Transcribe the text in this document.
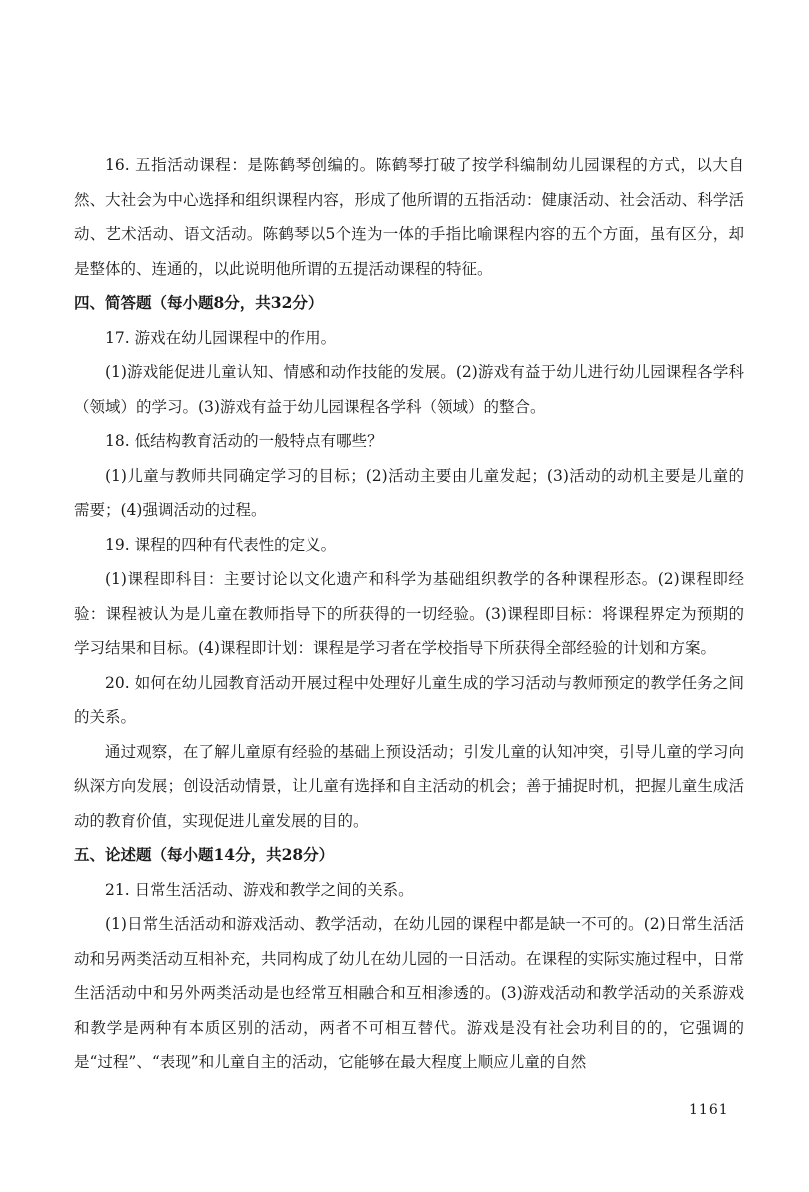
16. 五指活动课程：是陈鹤琴创编的。陈鹤琴打破了按学科编制幼儿园课程的方式，以大自然、大社会为中心选择和组织课程内容，形成了他所谓的五指活动：健康活动、社会活动、科学活动、艺术活动、语文活动。陈鹤琴以5个连为一体的手指比喻课程内容的五个方面，虽有区分，却是整体的、连通的，以此说明他所谓的五提活动课程的特征。

四、简答题（每小题8分，共32分）

17. 游戏在幼儿园课程中的作用。

(1)游戏能促进儿童认知、情感和动作技能的发展。(2)游戏有益于幼儿进行幼儿园课程各学科（领域）的学习。(3)游戏有益于幼儿园课程各学科（领域）的整合。

18. 低结构教育活动的一般特点有哪些？

(1)儿童与教师共同确定学习的目标；(2)活动主要由儿童发起；(3)活动的动机主要是儿童的需要；(4)强调活动的过程。

19. 课程的四种有代表性的定义。

(1)课程即科目：主要讨论以文化遗产和科学为基础组织教学的各种课程形态。(2)课程即经验：课程被认为是儿童在教师指导下的所获得的一切经验。(3)课程即目标：将课程界定为预期的学习结果和目标。(4)课程即计划：课程是学习者在学校指导下所获得全部经验的计划和方案。

20. 如何在幼儿园教育活动开展过程中处理好儿童生成的学习活动与教师预定的教学任务之间的关系。

通过观察，在了解儿童原有经验的基础上预设活动；引发儿童的认知冲突，引导儿童的学习向纵深方向发展；创设活动情景，让儿童有选择和自主活动的机会；善于捕捉时机，把握儿童生成活动的教育价值，实现促进儿童发展的目的。

五、论述题（每小题14分，共28分）

21. 日常生活活动、游戏和教学之间的关系。

(1)日常生活活动和游戏活动、教学活动，在幼儿园的课程中都是缺一不可的。(2)日常生活活动和另两类活动互相补充，共同构成了幼儿在幼儿园的一日活动。在课程的实际实施过程中，日常生活活动中和另外两类活动是也经常互相融合和互相渗透的。(3)游戏活动和教学活动的关系游戏和教学是两种有本质区别的活动，两者不可相互替代。游戏是没有社会功利目的的，它强调的是“过程”、“表现”和儿童自主的活动，它能够在最大程度上顺应儿童的自然

1161
